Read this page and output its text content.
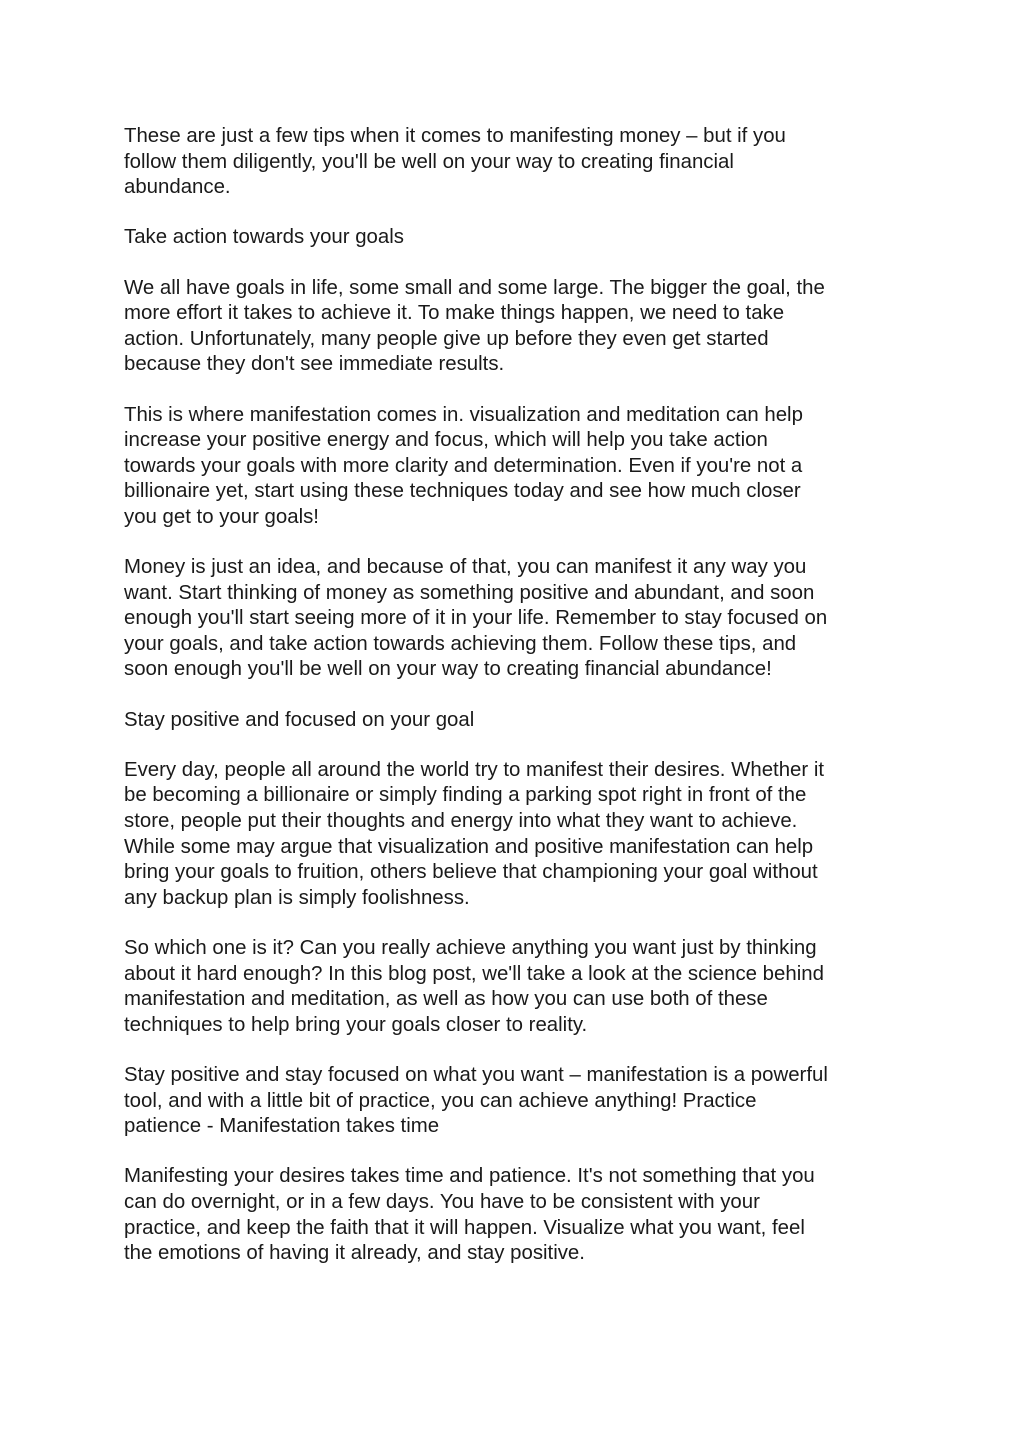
These are just a few tips when it comes to manifesting money – but if you
follow them diligently, you'll be well on your way to creating financial
abundance.

Take action towards your goals

We all have goals in life, some small and some large. The bigger the goal, the
more effort it takes to achieve it. To make things happen, we need to take
action. Unfortunately, many people give up before they even get started
because they don't see immediate results.

This is where manifestation comes in. visualization and meditation can help
increase your positive energy and focus, which will help you take action
towards your goals with more clarity and determination. Even if you're not a
billionaire yet, start using these techniques today and see how much closer
you get to your goals!

Money is just an idea, and because of that, you can manifest it any way you
want. Start thinking of money as something positive and abundant, and soon
enough you'll start seeing more of it in your life. Remember to stay focused on
your goals, and take action towards achieving them. Follow these tips, and
soon enough you'll be well on your way to creating financial abundance!

Stay positive and focused on your goal

Every day, people all around the world try to manifest their desires. Whether it
be becoming a billionaire or simply finding a parking spot right in front of the
store, people put their thoughts and energy into what they want to achieve.
While some may argue that visualization and positive manifestation can help
bring your goals to fruition, others believe that championing your goal without
any backup plan is simply foolishness.

So which one is it? Can you really achieve anything you want just by thinking
about it hard enough? In this blog post, we'll take a look at the science behind
manifestation and meditation, as well as how you can use both of these
techniques to help bring your goals closer to reality.

Stay positive and stay focused on what you want – manifestation is a powerful
tool, and with a little bit of practice, you can achieve anything! Practice
patience - Manifestation takes time

Manifesting your desires takes time and patience. It's not something that you
can do overnight, or in a few days. You have to be consistent with your
practice, and keep the faith that it will happen. Visualize what you want, feel
the emotions of having it already, and stay positive.
